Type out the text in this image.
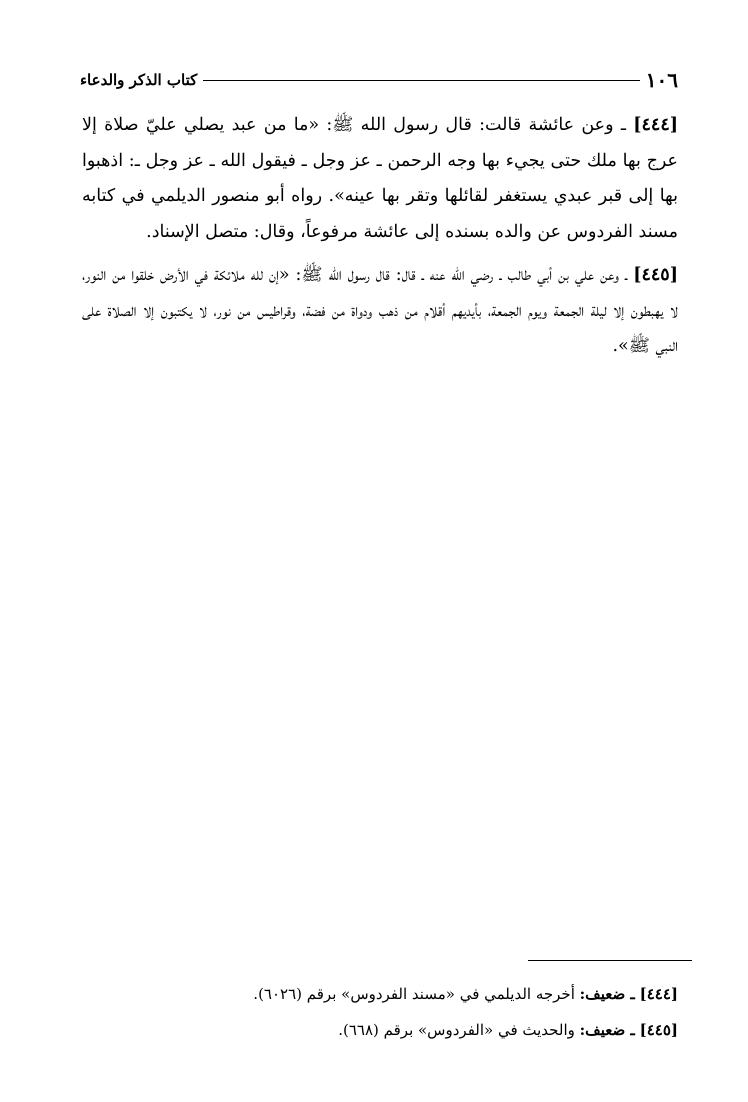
١٠٦
كتاب الذكر والدعاء

[٤٤٤] ـ وعن عائشة قالت: قال رسول الله ﷺ: «ما من عبد يصلي عليّ صلاة إلا عرج بها ملك حتى يجيء بها وجه الرحمن ـ عز وجل ـ فيقول الله ـ عز وجل ـ: اذهبوا بها إلى قبر عبدي يستغفر لقائلها وتقر بها عينه». رواه أبو منصور الديلمي في كتابه مسند الفردوس عن والده بسنده إلى عائشة مرفوعاً، وقال: متصل الإسناد.

[٤٤٥] ـ وعن علي بن أبي طالب ـ رضي الله عنه ـ قال: قال رسول الله ﷺ: «إن لله ملائكة في الأرض خلقوا من النور، لا يهبطون إلا ليلة الجمعة ويوم الجمعة، بأيديهم أقلام من ذهب ودواة من فضة، وقراطيس من نور، لا يكتبون إلا الصلاة على النبي ﷺ».

[٤٤٤] ـ ضعيف: أخرجه الديلمي في «مسند الفردوس» برقم (٦٠٢٦).
[٤٤٥] ـ ضعيف: والحديث في «الفردوس» برقم (٦٦٨).
